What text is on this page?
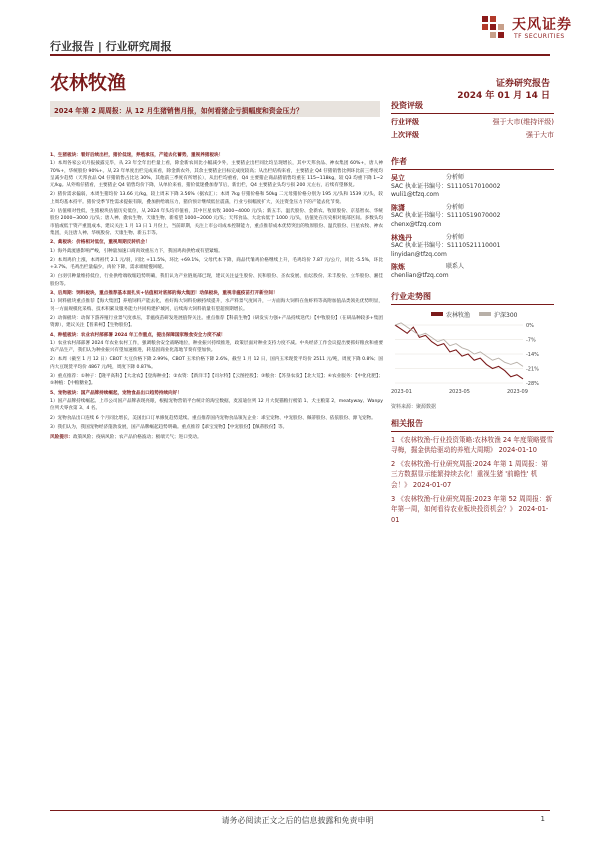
天风证券
TF SECURITIES
行业报告 | 行业研究周报
农林牧渔	证券研究报告
2024 年 01 月 14 日
2024 年第 2 周周报：从 12 月生猪销售月报，如何看猪企亏损幅度和资金压力？
1、生猪板块：看好后续出栏，猪价低迷，养殖承压，产能去化蓄势，重视养猪板块！
1）本周各家公司月报披露完毕，从 23 年全年出栏量上看，除金新农同比小幅减少外，主要猪企出栏同比均呈现增长，其中天邦食品、神农集团 60%+，唐人神 70%+，华统股份 90%+。从 23 年单度出栏完成来看，除金新农外，其余主要猪企目标完成度较高；从出栏结构来看，主要猪企 Q4 仔猪销售比例环比前三季度均呈减少趋势（天邦食品 Q4 仔猪销售占比达 30%，其他前三季度有所增长），从出栏均重看，Q4 主要猪企商品猪销售均重在 115~118kg，较 Q3 均重下降 1~2 元/kg。从外购仔猪看，主要猪企 Q4 销售均价下降，从单价来看，猪价低迷叠加春节后，新出栏，Q4 主要猪企头均亏损 200 元左右，后续有望修复。
2）猪价需求偏弱，本周生猪均价 13.66 元/kg，较上周末下降 3.56%（据农汇）；本周 7kg 仔猪价格和 50kg 二元母猪价格分别为 195 元/头和 1539 元/头，较上周均基本持平。猪价受季节性需求提振有限，叠加供给端压力，猪价预计继续低位震荡，行业亏损幅度扩大，关注资金压力下的产能去化节奏。
3）估值相对性低，生猪板块估值历史低位，从 2024 年头均市值看，其中巨星农牧 3000~4000 元/头；新五丰、温氏股份、金新农、牧原股份、京基智农、华统股份 2000~3000 元/头；唐人神、傲农生物、天康生物、新希望 1000~2000 元/头；天邦食品、大北农低于 1000 元/头，估值处在历史相对底部区间。多数头均市值或低于资产重置成本，建议关注 1 月 13 日 1 月份上，当前即期，关注上市公司成本控制能力，重点推荐成本优势突出的牧原股份、温氏股份、巨星农牧、神农集团，关注唐人神、华统股份、天康生物、新五丰等。
2、禽板块：价格相对低位，重视周期反转机会！
1）海外禽流感影响严峻，引种量加速口商肉效重压力下，我国鸡肉供给或有望紧缩。
2）本周鸡价上涨，本周祖代 2.1 元/羽，同比 +11.5%，环比 +69.1%，父母代本下降，商品代雏鸡价格继续上升，毛鸡均价 7.87 元/公斤，同比 -5.5%，环比 +3.7%。毛鸡出栏量偏少，肉价下降，需求端缓慢回暖。
3）白羽引种量维持低位，行业供给端收缩趋势明确，我们认为产业链底部已现，建议关注益生股份、民和股份、圣农发展、仙坛股份、禾丰股份、立华股份、湘佳股份等。
3、后周期：饲料板块，重点推荐基本面扎实+估值相对底部的海大集团！动保板块，重视非瘟疫苗打开新空间！
1）饲料板块重点推荐【海大集团】养殖饲料产能去化，看好海大饲料份额持续提升，水产料景气度回升，一方面海大饲料在鱼虾料等高附加值品类领先优势明显，另一方面规模化采购、技术积累及服务能力共同构建护城河，后续海大饲料销量有望超预期增长。
2）动保板块：动保下游养殖行业景气度承压，非瘟疫苗研发进展值得关注。重点推荐【科前生物】（研发实力强+产品持续迭代）【中牧股份】（在研品种较多+集团资源），建议关注【普莱柯】【生物股份】。
4、种植板块：农业农村部部署 2024 年工作重点，提出保障国家粮食安全力度不减！
1）农业农村部部署 2024 年农业农村工作，强调粮食安全战略地位，种业振兴持续推进，政策层面对种业支持力度不减。中央经济工作会议提出要抓好粮食和重要农产品生产，我们认为种业振兴有望加速推进，转基因商业化落地节奏有望加快。
2）本周（截至 1 月 12 日）CBOT 大豆价格下降 2.99%，CBOT 玉米价格下降 2.6%，截至 1 月 12 日，国内玉米现货平均价 2511 元/吨，周度下降 0.8%；国内大豆现货平均价 4867 元/吨，周度下降 0.87%。
3）重点推荐：①种子：【隆平高科】【大北农】【登海种业】；②农资：【新洋丰】【司尔特】【云图控股】；③粮食：【苏垦农发】【北大荒】；④农业服务：【中化化肥】；⑤种植：【中粮糖业】。
5、宠物板块：国产品牌持续崛起，宠物食品出口趋势持续向好！
1）国产品牌持续崛起。上市公司国产品牌表现亮眼，根据宠物营销平台统计的淘宝数据，麦富迪位列 12 月大促猫粮行榜第 1、犬主粮第 2，meatyway、Wanpy 位列犬零食第 3、4 名。
2）宠物食品出口连续 6 个月同比增长，美国出口订单修复趋势延续。重点推荐国内宠物食品领先企业：乖宝宠物、中宠股份、佩蒂股份、依依股份、源飞宠物。
3）我们认为，我国宠物经济蓬勃发展，国产品牌崛起趋势明确。重点推荐【乖宝宠物】【中宠股份】【佩蒂股份】等。
风险提示：政策风险；疫病风险；农产品价格波动；极端天气；进口变动。
投资评级
行业评级	强于大市(维持评级)
上次评级	强于大市
作者
吴立	分析师
SAC 执业证书编号：S1110517010002
wuli1@tfzq.com
陈潇	分析师
SAC 执业证书编号：S1110519070002
chenx@tfzq.com
林逸丹	分析师
SAC 执业证书编号：S1110521110001
linyidan@tfzq.com
陈炼	联系人
chenlian@tfzq.com
行业走势图
农林牧渔	沪深300
0%
-7%
-14%
-21%
-28%
2023-01	2023-05	2023-09
资料来源：聚源数据
相关报告
1 《农林牧渔-行业投资策略:农林牧渔 24 年度策略暨雪寻梅，掘金供给驱动的养殖大周期》 2024-01-10
2 《农林牧渔-行业研究周报:2024 年第 1 周周报：第三方数据显示能繁持续去化！重视生猪 '前瞻性' 机会！》 2024-01-07
3 《农林牧渔-行业研究周报:2023 年第 52 周周报：新年第一周，如何看待农业板块投资机会？》 2024-01-01
请务必阅读正文之后的信息披露和免责申明	1
